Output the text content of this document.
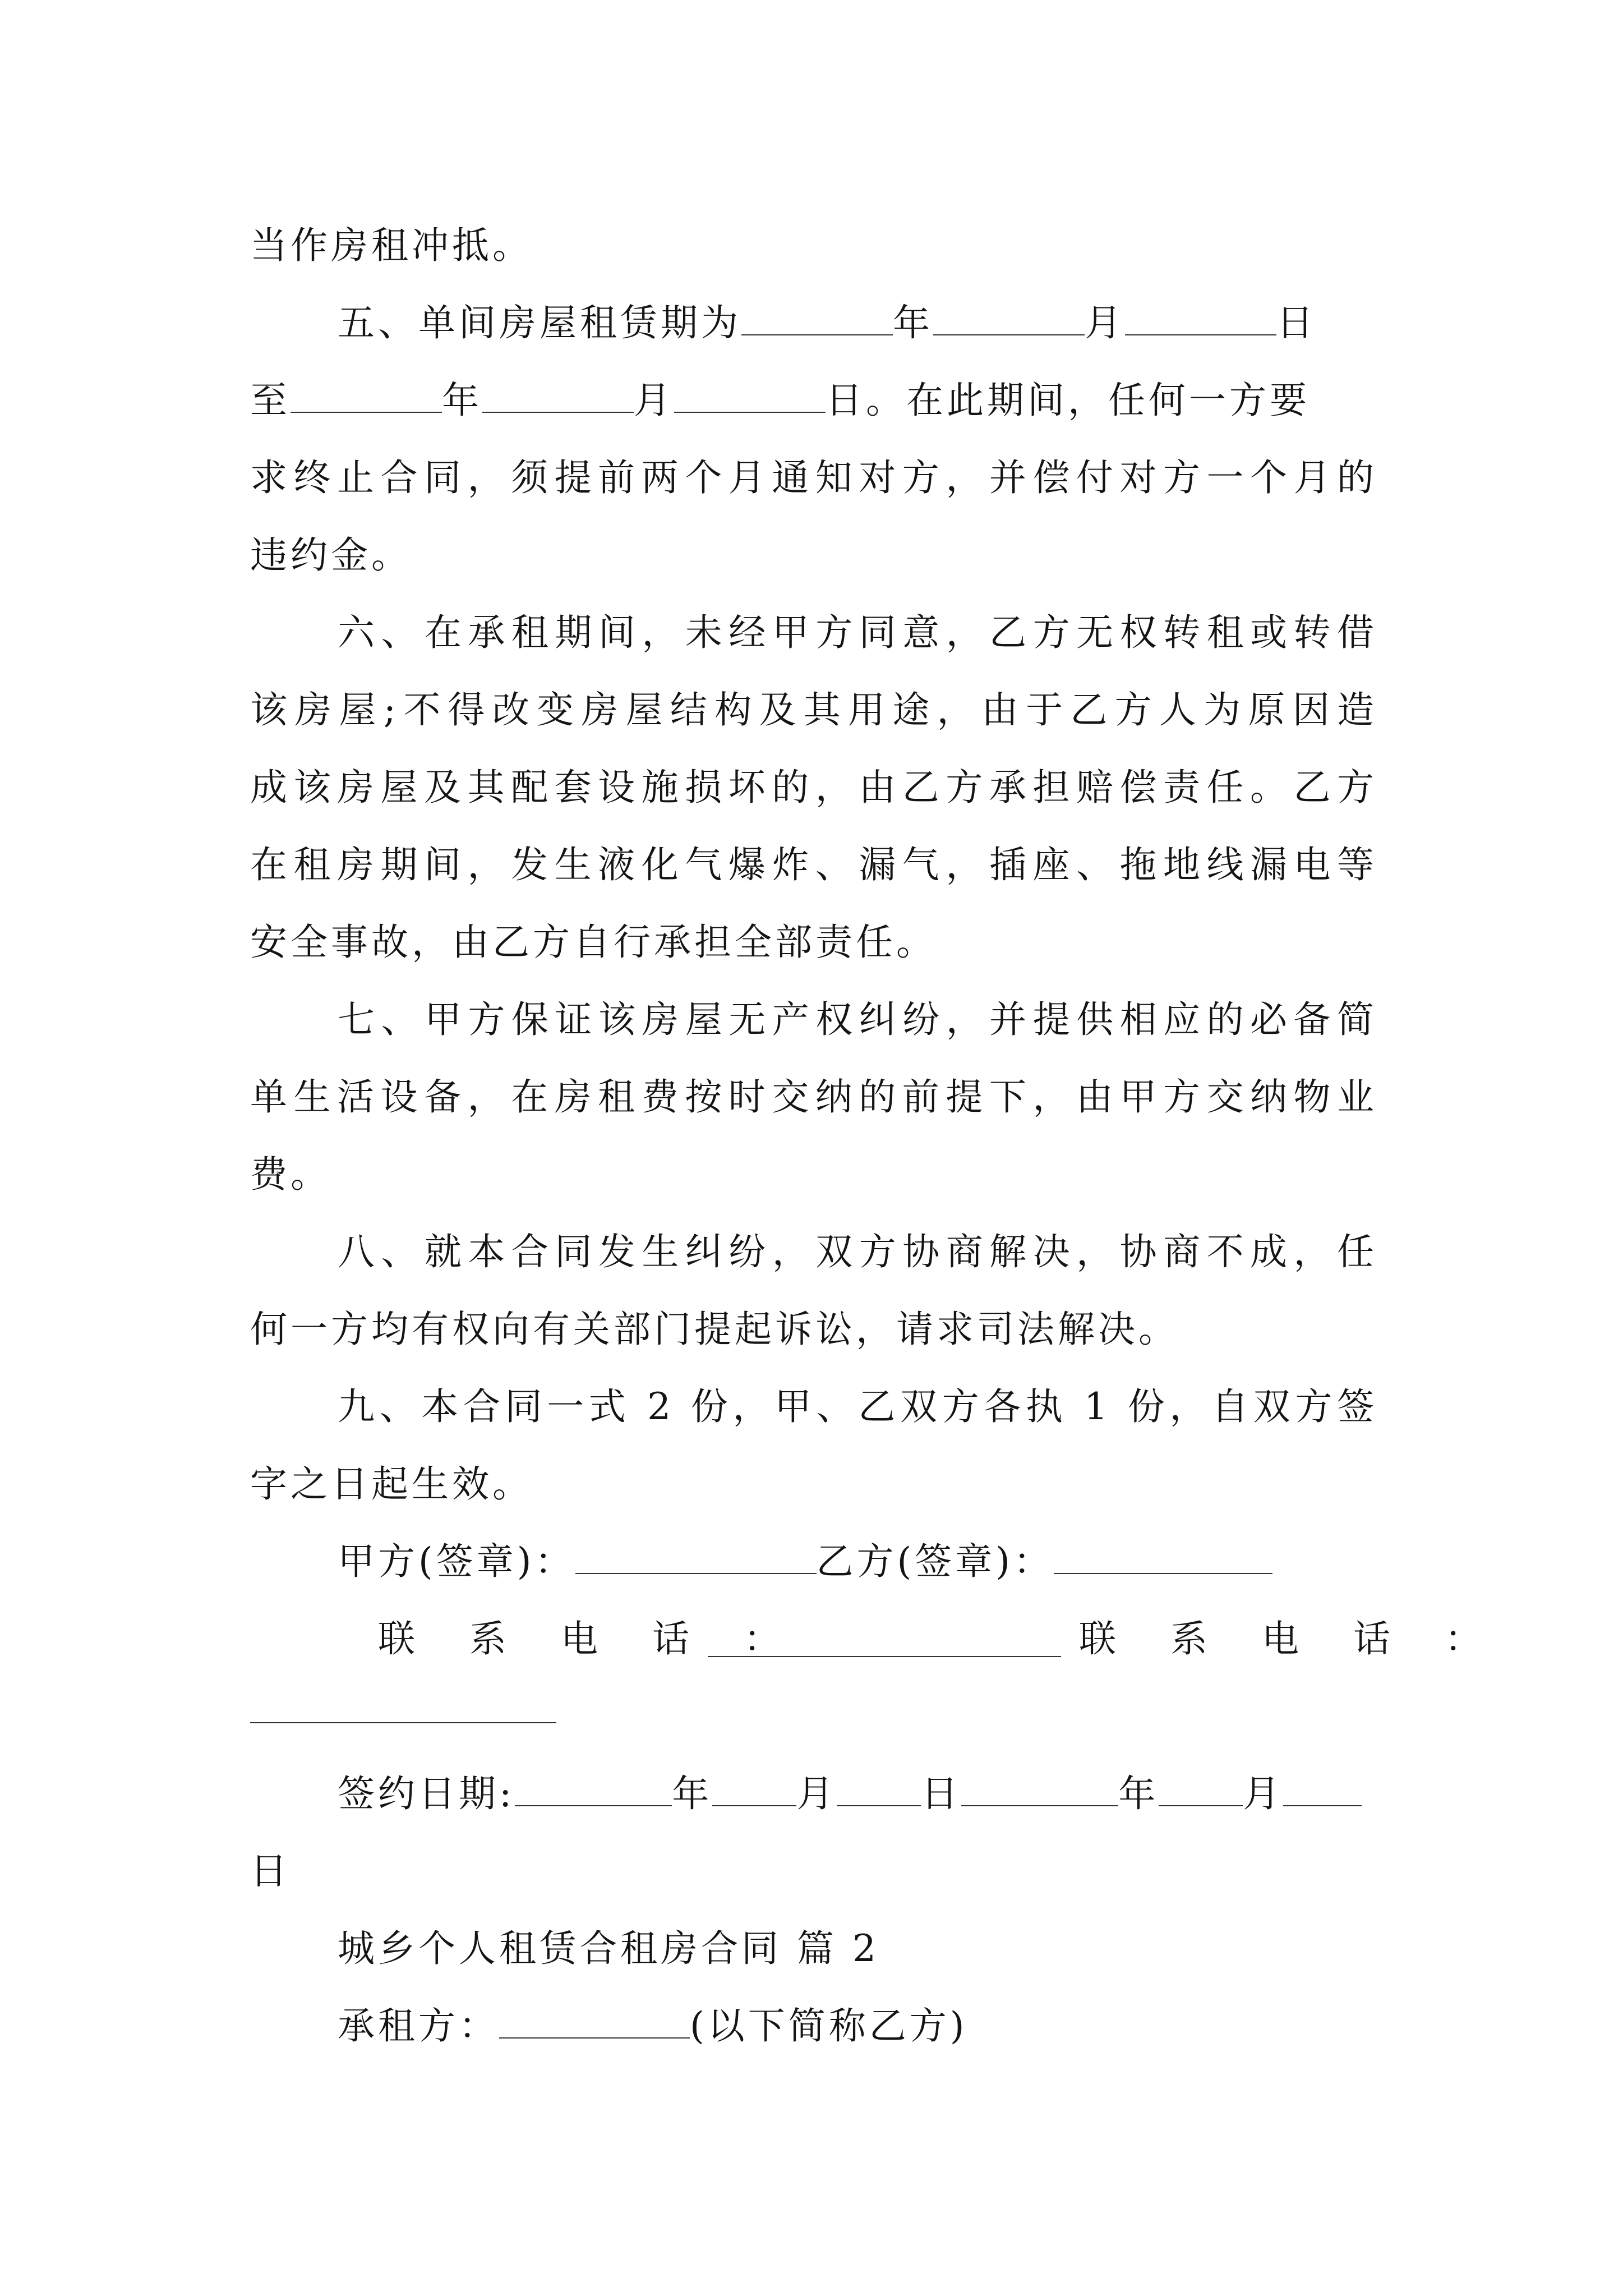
当作房租冲抵。
五、单间房屋租赁期为	年	月	日
至	年	月	日。在此期间，任何一方要
求终止合同，须提前两个月通知对方，并偿付对方一个月的
违约金。
六、在承租期间，未经甲方同意，乙方无权转租或转借
该房屋;不得改变房屋结构及其用途，由于乙方人为原因造
成该房屋及其配套设施损坏的，由乙方承担赔偿责任。乙方
在租房期间，发生液化气爆炸、漏气，插座、拖地线漏电等
安全事故，由乙方自行承担全部责任。
七、甲方保证该房屋无产权纠纷，并提供相应的必备简
单生活设备，在房租费按时交纳的前提下，由甲方交纳物业
费。
八、就本合同发生纠纷，双方协商解决，协商不成，任
何一方均有权向有关部门提起诉讼，请求司法解决。
九、本合同一式 2 份，甲、乙双方各执 1 份，自双方签
字之日起生效。
甲方(签章)：	乙方(签章)：
联 系 电 话 ：	联 系 电 话 ：
签约日期:	年 月 日	年 月
日
城乡个人租赁合租房合同 篇 2
承租方：	(以下简称乙方)
